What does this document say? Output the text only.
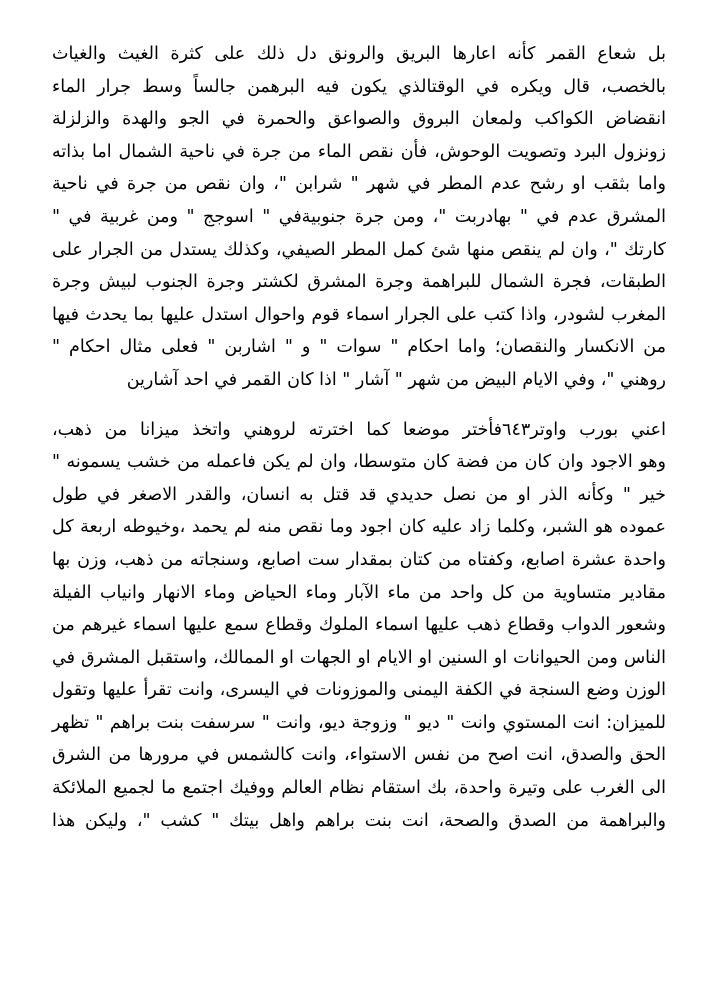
بل شعاع القمر كأنه اعارها البريق والرونق دل ذلك على كثرة الغيث والغياث
بالخصب، قال ويكره في الوقتالذي يكون فيه البرهمن جالساً وسط جرار الماء
انقضاض الكواكب ولمعان البروق والصواعق والحمرة في الجو والهدة والزلزلة
زونزول البرد وتصويت الوحوش، فأن نقص الماء من جرة في ناحية الشمال اما بذاته
واما بثقب او رشح عدم المطر في شهر " شرابن "، وان نقص من جرة في ناحية
المشرق عدم في " بهادربت "، ومن جرة جنوبيةفي " اسوجج " ومن غربية في "
كارتك "، وان لم ينقص منها شئ كمل المطر الصيفي، وكذلك يستدل من الجرار على
الطبقات، فجرة الشمال للبراهمة وجرة المشرق لكشتر وجرة الجنوب لبيش وجرة
المغرب لشودر، واذا كتب على الجرار اسماء قوم واحوال استدل عليها بما يحدث فيها
من الانكسار والنقصان؛ واما احكام " سوات " و " اشاربن " فعلى مثال احكام "
روهني "، وفي الايام البيض من شهر " آشار " اذا كان القمر في احد آشارين
اعني بورب واوتر٦٤٣فأختر موضعا كما اخترته لروهني واتخذ ميزانا من ذهب،
وهو الاجود وان كان من فضة كان متوسطا، وان لم يكن فاعمله من خشب يسمونه "
خير " وكأنه الذر او من نصل حديدي قد قتل به انسان، والقدر الاصغر في طول
عموده هو الشبر، وكلما زاد عليه كان اجود وما نقص منه لم يحمد ،وخيوطه اربعة كل
واحدة عشرة اصابع، وكفتاه من كتان بمقدار ست اصابع، وسنجاته من ذهب، وزن بها
مقادير متساوية من كل واحد من ماء الآبار وماء الحياض وماء الانهار وانياب الفيلة
وشعور الدواب وقطاع ذهب عليها اسماء الملوك وقطاع سمع عليها اسماء غيرهم من
الناس ومن الحيوانات او السنين او الايام او الجهات او الممالك، واستقبل المشرق في
الوزن وضع السنجة في الكفة اليمنى والموزونات في اليسرى، وانت تقرأ عليها وتقول
للميزان: انت المستوي وانت " ديو " وزوجة ديو، وانت " سرسفت بنت براهم " تظهر
الحق والصدق، انت اصح من نفس الاستواء، وانت كالشمس في مرورها من الشرق
الى الغرب على وتيرة واحدة، بك استقام نظام العالم ووفيك اجتمع ما لجميع الملائكة
والبراهمة من الصدق والصحة، انت بنت براهم واهل بيتك " كشب "، وليكن هذا
